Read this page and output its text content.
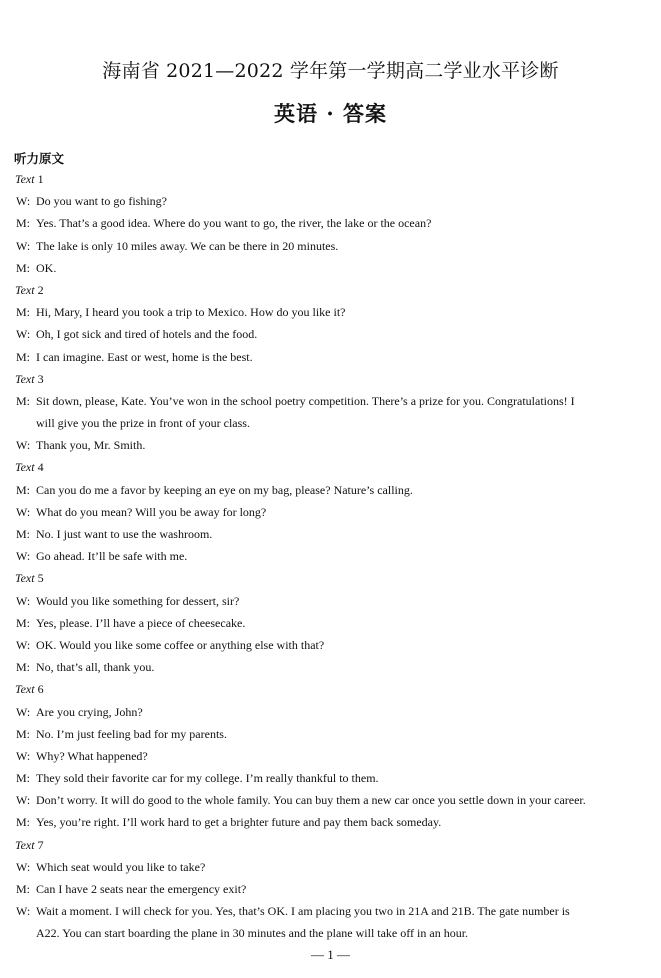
海南省 2021—2022 学年第一学期高二学业水平诊断
英语 · 答案
听力原文
Text 1
W: Do you want to go fishing?
M: Yes. That’s a good idea. Where do you want to go, the river, the lake or the ocean?
W: The lake is only 10 miles away. We can be there in 20 minutes.
M: OK.
Text 2
M: Hi, Mary, I heard you took a trip to Mexico. How do you like it?
W: Oh, I got sick and tired of hotels and the food.
M: I can imagine. East or west, home is the best.
Text 3
M: Sit down, please, Kate. You’ve won in the school poetry competition. There’s a prize for you. Congratulations! I
will give you the prize in front of your class.
W: Thank you, Mr. Smith.
Text 4
M: Can you do me a favor by keeping an eye on my bag, please? Nature’s calling.
W: What do you mean? Will you be away for long?
M: No. I just want to use the washroom.
W: Go ahead. It’ll be safe with me.
Text 5
W: Would you like something for dessert, sir?
M: Yes, please. I’ll have a piece of cheesecake.
W: OK. Would you like some coffee or anything else with that?
M: No, that’s all, thank you.
Text 6
W: Are you crying, John?
M: No. I’m just feeling bad for my parents.
W: Why? What happened?
M: They sold their favorite car for my college. I’m really thankful to them.
W: Don’t worry. It will do good to the whole family. You can buy them a new car once you settle down in your career.
M: Yes, you’re right. I’ll work hard to get a brighter future and pay them back someday.
Text 7
W: Which seat would you like to take?
M: Can I have 2 seats near the emergency exit?
W: Wait a moment. I will check for you. Yes, that’s OK. I am placing you two in 21A and 21B. The gate number is
A22. You can start boarding the plane in 30 minutes and the plane will take off in an hour.
— 1 —
